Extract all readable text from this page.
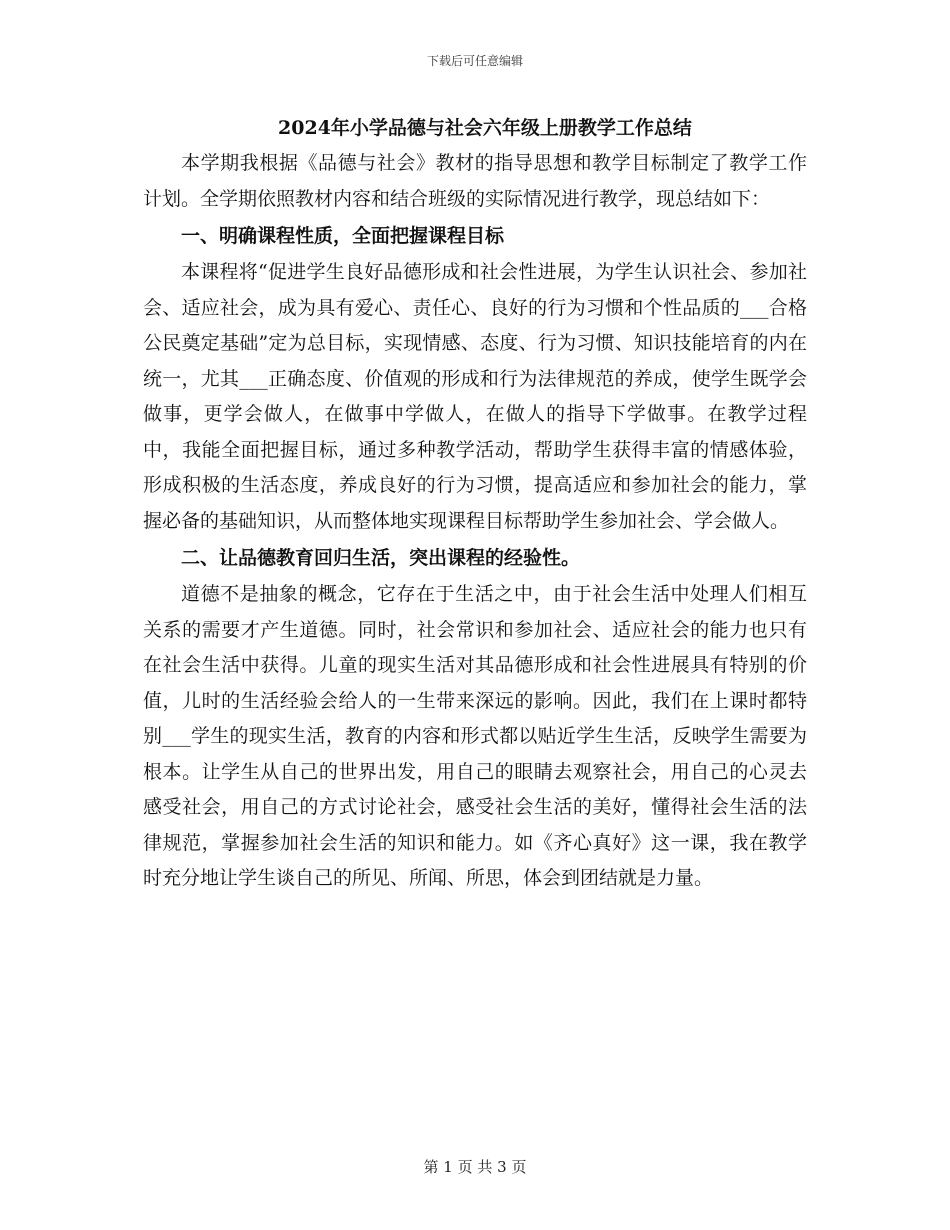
下载后可任意编辑
2024年小学品德与社会六年级上册教学工作总结

本学期我根据《品德与社会》教材的指导思想和教学目标制定了教学工作计划。全学期依照教材内容和结合班级的实际情况进行教学，现总结如下：

一、明确课程性质，全面把握课程目标

本课程将“促进学生良好品德形成和社会性进展，为学生认识社会、参加社会、适应社会，成为具有爱心、责任心、良好的行为习惯和个性品质的___合格公民奠定基础”定为总目标，实现情感、态度、行为习惯、知识技能培育的内在统一，尤其___正确态度、价值观的形成和行为法律规范的养成，使学生既学会做事，更学会做人，在做事中学做人，在做人的指导下学做事。在教学过程中，我能全面把握目标，通过多种教学活动，帮助学生获得丰富的情感体验，形成积极的生活态度，养成良好的行为习惯，提高适应和参加社会的能力，掌握必备的基础知识，从而整体地实现课程目标帮助学生参加社会、学会做人。

二、让品德教育回归生活，突出课程的经验性。

道德不是抽象的概念，它存在于生活之中，由于社会生活中处理人们相互关系的需要才产生道德。同时，社会常识和参加社会、适应社会的能力也只有在社会生活中获得。儿童的现实生活对其品德形成和社会性进展具有特别的价值，儿时的生活经验会给人的一生带来深远的影响。因此，我们在上课时都特别___学生的现实生活，教育的内容和形式都以贴近学生生活，反映学生需要为根本。让学生从自己的世界出发，用自己的眼睛去观察社会，用自己的心灵去感受社会，用自己的方式讨论社会，感受社会生活的美好，懂得社会生活的法律规范，掌握参加社会生活的知识和能力。如《齐心真好》这一课，我在教学时充分地让学生谈自己的所见、所闻、所思，体会到团结就是力量。

第 1 页 共 3 页
